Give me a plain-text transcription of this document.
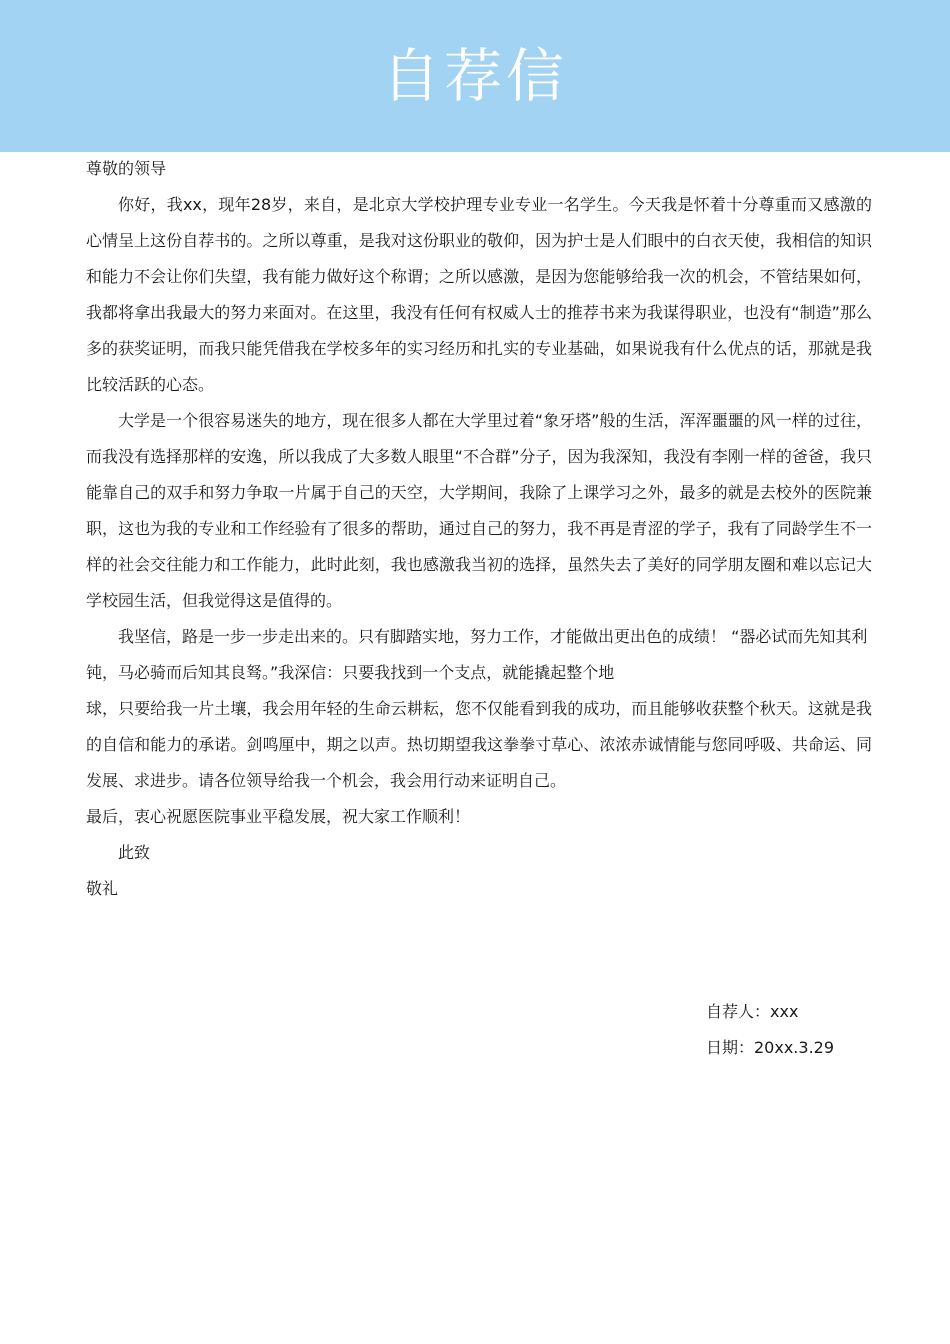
自荐信

尊敬的领导

你好，我xx，现年28岁，来自，是北京大学校护理专业专业一名学生。今天我是怀着十分尊重而又感激的心情呈上这份自荐书的。之所以尊重，是我对这份职业的敬仰，因为护士是人们眼中的白衣天使，我相信的知识和能力不会让你们失望，我有能力做好这个称谓；之所以感激，是因为您能够给我一次的机会，不管结果如何，我都将拿出我最大的努力来面对。在这里，我没有任何有权威人士的推荐书来为我谋得职业，也没有“制造”那么多的获奖证明，而我只能凭借我在学校多年的实习经历和扎实的专业基础，如果说我有什么优点的话，那就是我比较活跃的心态。

大学是一个很容易迷失的地方，现在很多人都在大学里过着“象牙塔”般的生活，浑浑噩噩的风一样的过往，而我没有选择那样的安逸，所以我成了大多数人眼里“不合群”分子，因为我深知，我没有李刚一样的爸爸，我只能靠自己的双手和努力争取一片属于自己的天空，大学期间，我除了上课学习之外，最多的就是去校外的医院兼职，这也为我的专业和工作经验有了很多的帮助，通过自己的努力，我不再是青涩的学子，我有了同龄学生不一样的社会交往能力和工作能力，此时此刻，我也感激我当初的选择，虽然失去了美好的同学朋友圈和难以忘记大学校园生活，但我觉得这是值得的。

我坚信，路是一步一步走出来的。只有脚踏实地，努力工作，才能做出更出色的成绩！ “器必试而先知其利钝，马必骑而后知其良驽。”我深信：只要我找到一个支点，就能撬起整个地

球，只要给我一片土壤，我会用年轻的生命云耕耘，您不仅能看到我的成功，而且能够收获整个秋天。这就是我的自信和能力的承诺。剑鸣厘中，期之以声。热切期望我这拳拳寸草心、浓浓赤诚情能与您同呼吸、共命运、同发展、求进步。请各位领导给我一个机会，我会用行动来证明自己。

最后，衷心祝愿医院事业平稳发展，祝大家工作顺利！

此致

敬礼

自荐人：xxx
日期：20xx.3.29
